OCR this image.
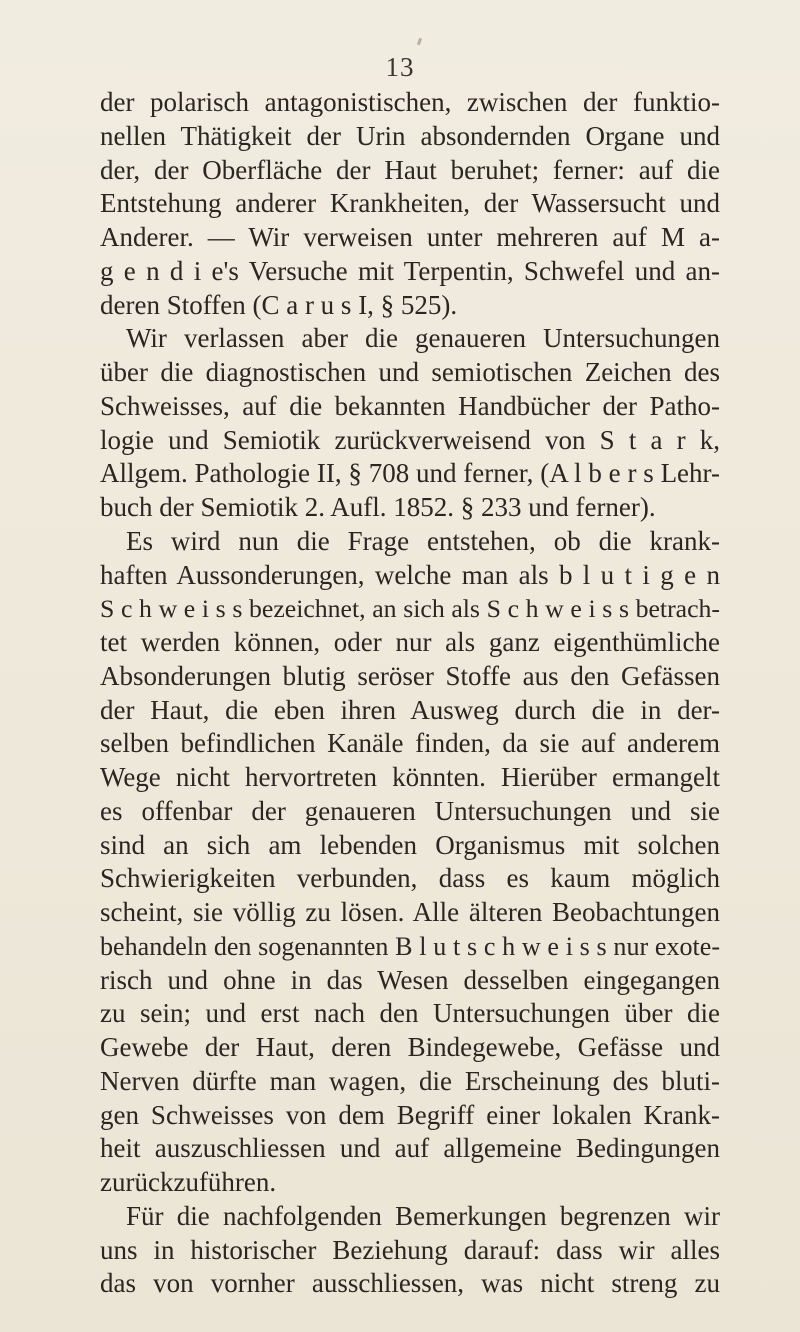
13
der polarisch antagonistischen, zwischen der funktio-
nellen Thätigkeit der Urin absondernden Organe und
der, der Oberfläche der Haut beruhet; ferner: auf die
Entstehung anderer Krankheiten, der Wassersucht und
Anderer. — Wir verweisen unter mehreren auf M a-
g e n d i e's Versuche mit Terpentin, Schwefel und an-
deren Stoffen (C a r u s I, § 525).
Wir verlassen aber die genaueren Untersuchungen
über die diagnostischen und semiotischen Zeichen des
Schweisses, auf die bekannten Handbücher der Patho-
logie und Semiotik zurückverweisend von S t a r k,
Allgem. Pathologie II, § 708 und ferner, (A l b e r s Lehr-
buch der Semiotik 2. Aufl. 1852. § 233 und ferner).
Es wird nun die Frage entstehen, ob die krank-
haften Aussonderungen, welche man als b l u t i g e n
S c h w e i s s bezeichnet, an sich als S c h w e i s s betrach-
tet werden können, oder nur als ganz eigenthümliche
Absonderungen blutig seröser Stoffe aus den Gefässen
der Haut, die eben ihren Ausweg durch die in der-
selben befindlichen Kanäle finden, da sie auf anderem
Wege nicht hervortreten könnten. Hierüber ermangelt
es offenbar der genaueren Untersuchungen und sie
sind an sich am lebenden Organismus mit solchen
Schwierigkeiten verbunden, dass es kaum möglich
scheint, sie völlig zu lösen. Alle älteren Beobachtungen
behandeln den sogenannten B l u t s c h w e i s s nur exote-
risch und ohne in das Wesen desselben eingegangen
zu sein; und erst nach den Untersuchungen über die
Gewebe der Haut, deren Bindegewebe, Gefässe und
Nerven dürfte man wagen, die Erscheinung des bluti-
gen Schweisses von dem Begriff einer lokalen Krank-
heit auszuschliessen und auf allgemeine Bedingungen
zurückzuführen.
Für die nachfolgenden Bemerkungen begrenzen wir
uns in historischer Beziehung darauf: dass wir alles
das von vornher ausschliessen, was nicht streng zu
